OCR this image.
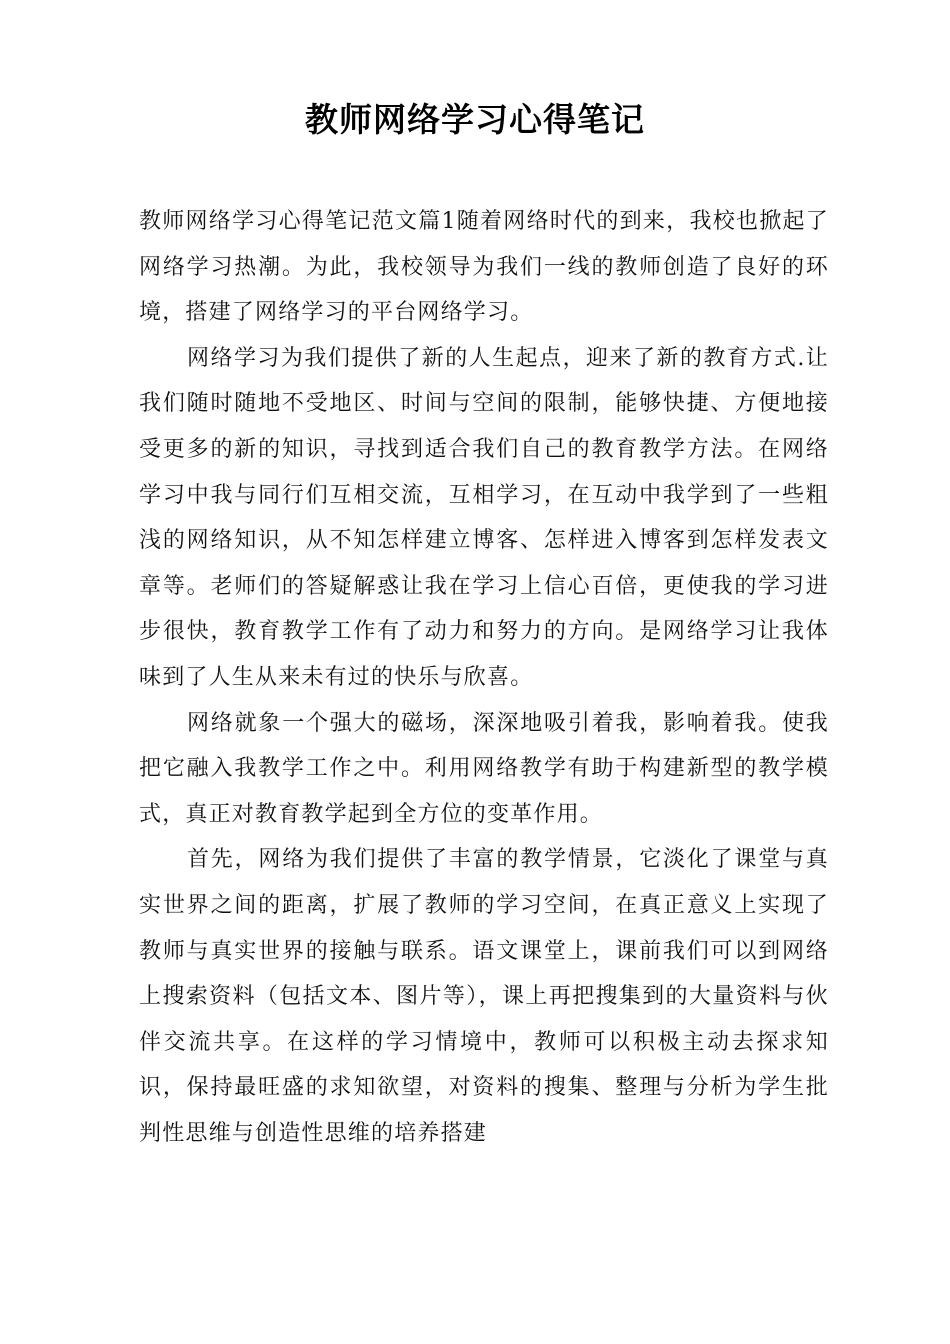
教师网络学习心得笔记

教师网络学习心得笔记范文篇1随着网络时代的到来，我校也掀起了网络学习热潮。为此，我校领导为我们一线的教师创造了良好的环境，搭建了网络学习的平台网络学习。

网络学习为我们提供了新的人生起点，迎来了新的教育方式.让我们随时随地不受地区、时间与空间的限制，能够快捷、方便地接受更多的新的知识，寻找到适合我们自己的教育教学方法。在网络学习中我与同行们互相交流，互相学习，在互动中我学到了一些粗浅的网络知识，从不知怎样建立博客、怎样进入博客到怎样发表文章等。老师们的答疑解惑让我在学习上信心百倍，更使我的学习进步很快，教育教学工作有了动力和努力的方向。是网络学习让我体味到了人生从来未有过的快乐与欣喜。

网络就象一个强大的磁场，深深地吸引着我，影响着我。使我把它融入我教学工作之中。利用网络教学有助于构建新型的教学模式，真正对教育教学起到全方位的变革作用。

首先，网络为我们提供了丰富的教学情景，它淡化了课堂与真实世界之间的距离，扩展了教师的学习空间，在真正意义上实现了教师与真实世界的接触与联系。语文课堂上，课前我们可以到网络上搜索资料（包括文本、图片等），课上再把搜集到的大量资料与伙伴交流共享。在这样的学习情境中，教师可以积极主动去探求知识，保持最旺盛的求知欲望，对资料的搜集、整理与分析为学生批判性思维与创造性思维的培养搭建
